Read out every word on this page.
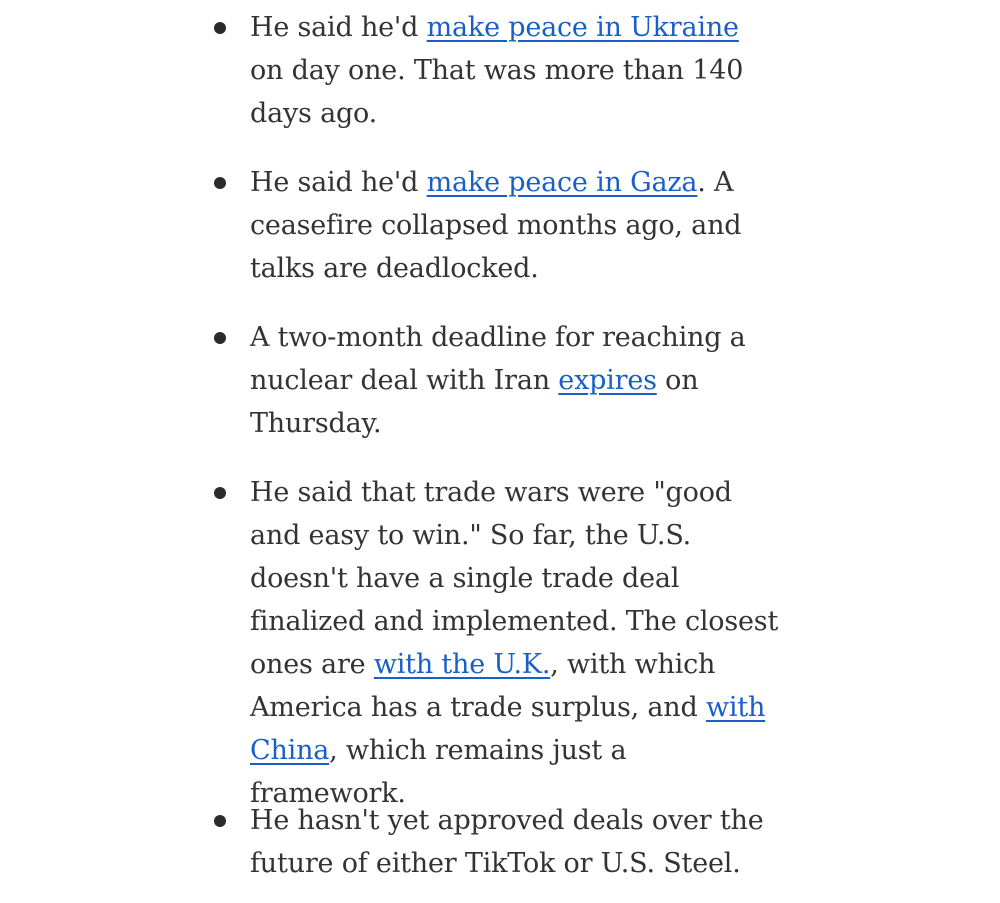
He said he'd make peace in Ukraine on day one. That was more than 140 days ago.
He said he'd make peace in Gaza. A ceasefire collapsed months ago, and talks are deadlocked.
A two-month deadline for reaching a nuclear deal with Iran expires on Thursday.
He said that trade wars were "good and easy to win." So far, the U.S. doesn't have a single trade deal finalized and implemented. The closest ones are with the U.K., with which America has a trade surplus, and with China, which remains just a framework.
He hasn't yet approved deals over the future of either TikTok or U.S. Steel.
